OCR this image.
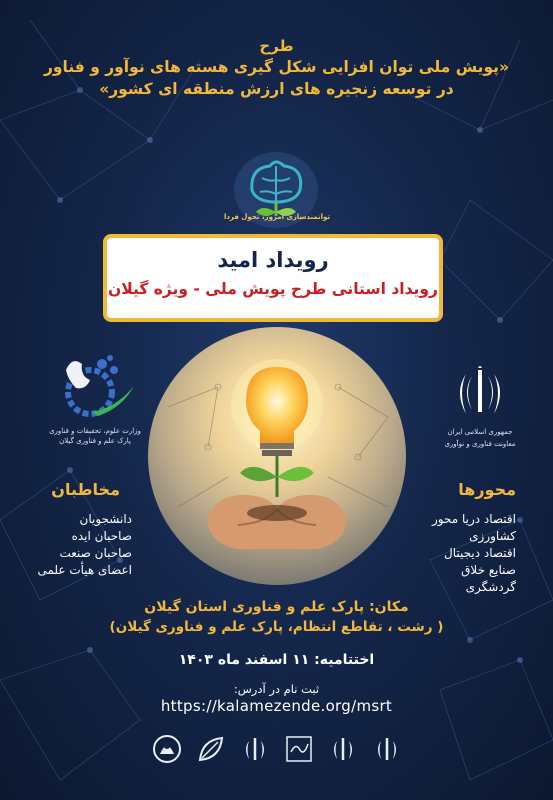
طرح
«پویش ملی توان افزایی شکل گیری هسته های نوآور و فناور
در توسعه زنجیره های ارزش منطقه ای کشور»
توانمندسازی امروز، تحول فردا
رویداد امید
رویداد استانی طرح پویش ملی - ویژه گیلان
وزارت علوم، تحقیقات و فناوری
پارک علم و فناوری گیلان
جمهوری اسلامی ایران
معاونت فناوری و نوآوری
مخاطبان
دانشجویان
صاحبان ایده
صاحبان صنعت
اعضای هیأت علمی
محورها
اقتصاد دریا محور
کشاورزی
اقتصاد دیجیتال
صنایع خلاق
گردشگری
مکان: پارک علم و فناوری استان گیلان
( رشت ، تقاطع انتظام، پارک علم و فناوری گیلان)
اختتامیه: ۱۱ اسفند ماه ۱۴۰۳
ثبت نام در آدرس:
https://kalamezende.org/msrt
